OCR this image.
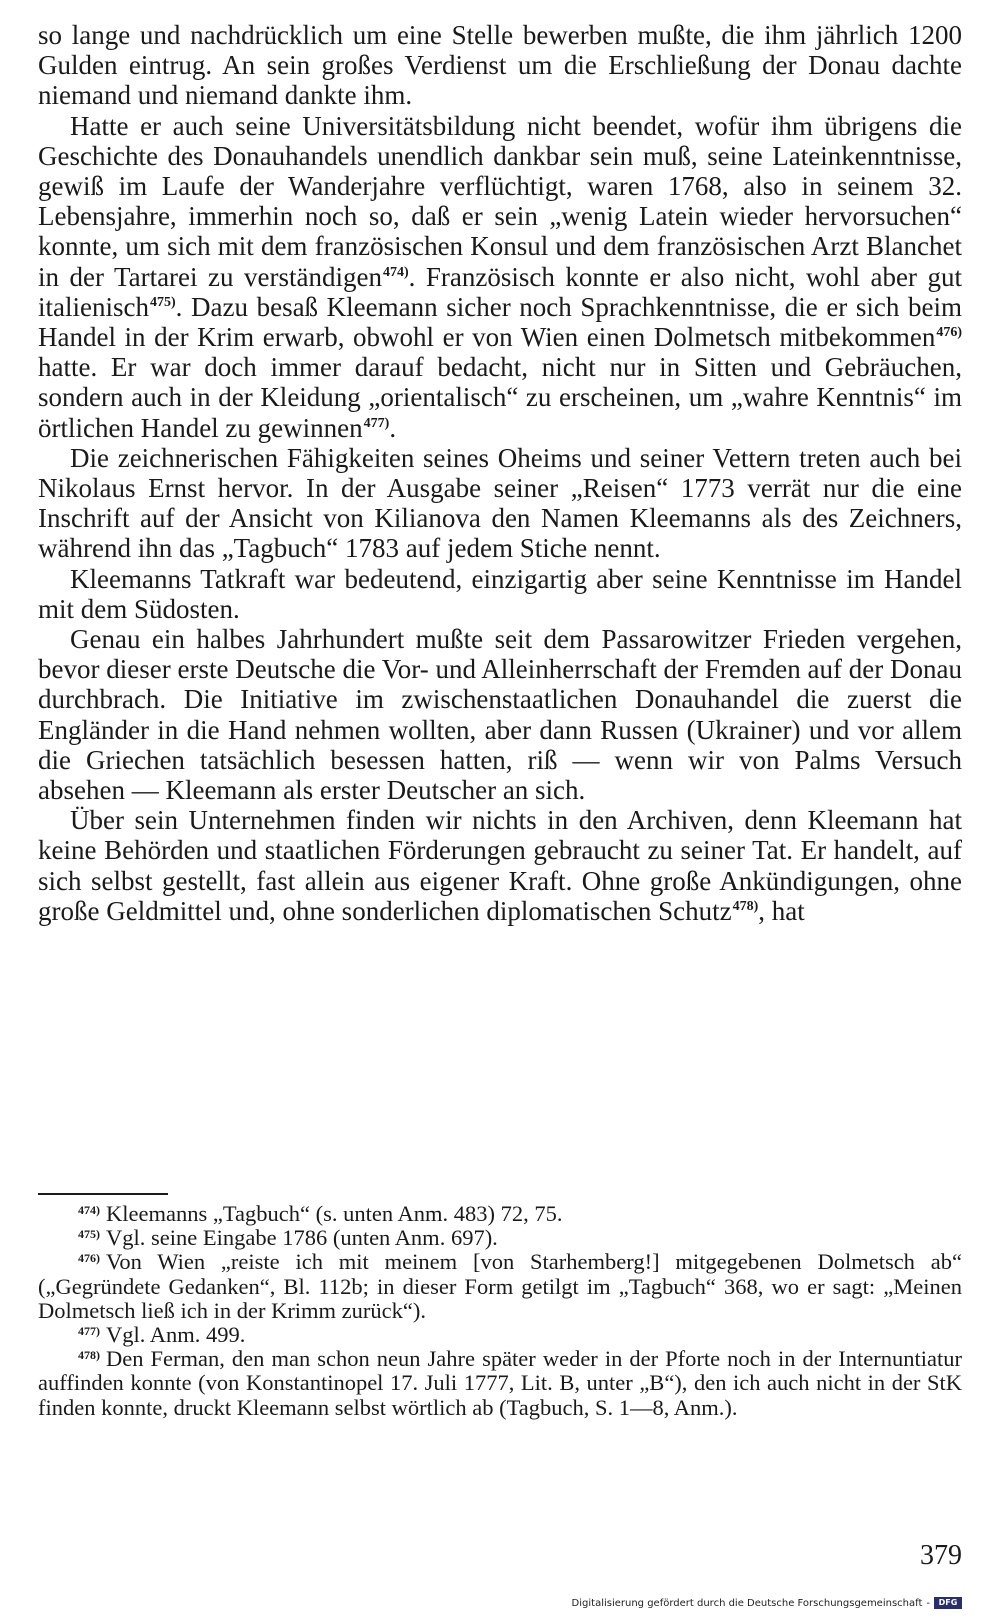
so lange und nachdrücklich um eine Stelle bewerben mußte, die ihm jährlich 1200 Gulden eintrug. An sein großes Verdienst um die Erschließung der Donau dachte niemand und niemand dankte ihm.

Hatte er auch seine Universitätsbildung nicht beendet, wofür ihm übrigens die Geschichte des Donauhandels unendlich dankbar sein muß, seine Lateinkenntnisse, gewiß im Laufe der Wanderjahre verflüchtigt, waren 1768, also in seinem 32. Lebensjahre, immerhin noch so, daß er sein „wenig Latein wieder hervorsuchen“ konnte, um sich mit dem französischen Konsul und dem französischen Arzt Blanchet in der Tartarei zu verständigen$^{474)}$. Französisch konnte er also nicht, wohl aber gut italienisch$^{475)}$. Dazu besaß Kleemann sicher noch Sprachkenntnisse, die er sich beim Handel in der Krim erwarb, obwohl er von Wien einen Dolmetsch mitbekommen$^{476)}$ hatte. Er war doch immer darauf bedacht, nicht nur in Sitten und Gebräuchen, sondern auch in der Kleidung „orientalisch“ zu erscheinen, um „wahre Kenntnis“ im örtlichen Handel zu gewinnen$^{477)}$.

Die zeichnerischen Fähigkeiten seines Oheims und seiner Vettern treten auch bei Nikolaus Ernst hervor. In der Ausgabe seiner „Reisen“ 1773 verrät nur die eine Inschrift auf der Ansicht von Kilianova den Namen Kleemanns als des Zeichners, während ihn das „Tagbuch“ 1783 auf jedem Stiche nennt.

Kleemanns Tatkraft war bedeutend, einzigartig aber seine Kenntnisse im Handel mit dem Südosten.

Genau ein halbes Jahrhundert mußte seit dem Passarowitzer Frieden vergehen, bevor dieser erste Deutsche die Vor- und Alleinherrschaft der Fremden auf der Donau durchbrach. Die Initiative im zwischenstaatlichen Donauhandel die zuerst die Engländer in die Hand nehmen wollten, aber dann Russen (Ukrainer) und vor allem die Griechen tatsächlich besessen hatten, riß — wenn wir von Palms Versuch absehen — Kleemann als erster Deutscher an sich.

Über sein Unternehmen finden wir nichts in den Archiven, denn Kleemann hat keine Behörden und staatlichen Förderungen gebraucht zu seiner Tat. Er handelt, auf sich selbst gestellt, fast allein aus eigener Kraft. Ohne große Ankündigungen, ohne große Geldmittel und, ohne sonderlichen diplomatischen Schutz$^{478)}$, hat

$^{474)}$ Kleemanns „Tagbuch“ (s. unten Anm. 483) 72, 75.

$^{475)}$ Vgl. seine Eingabe 1786 (unten Anm. 697).

$^{476)}$ Von Wien „reiste ich mit meinem [von Starhemberg!] mitgegebenen Dolmetsch ab“ („Gegründete Gedanken“, Bl. 112b; in dieser Form getilgt im „Tagbuch“ 368, wo er sagt: „Meinen Dolmetsch ließ ich in der Krimm zurück“).

$^{477)}$ Vgl. Anm. 499.

$^{478)}$ Den Ferman, den man schon neun Jahre später weder in der Pforte noch in der Internuntiatur auffinden konnte (von Konstantinopel 17. Juli 1777, Lit. B, unter „B“), den ich auch nicht in der StK finden konnte, druckt Kleemann selbst wörtlich ab (Tagbuch, S. 1—8, Anm.).

379
Digitalisierung gefördert durch die Deutsche Forschungsgemeinschaft -	DFG
